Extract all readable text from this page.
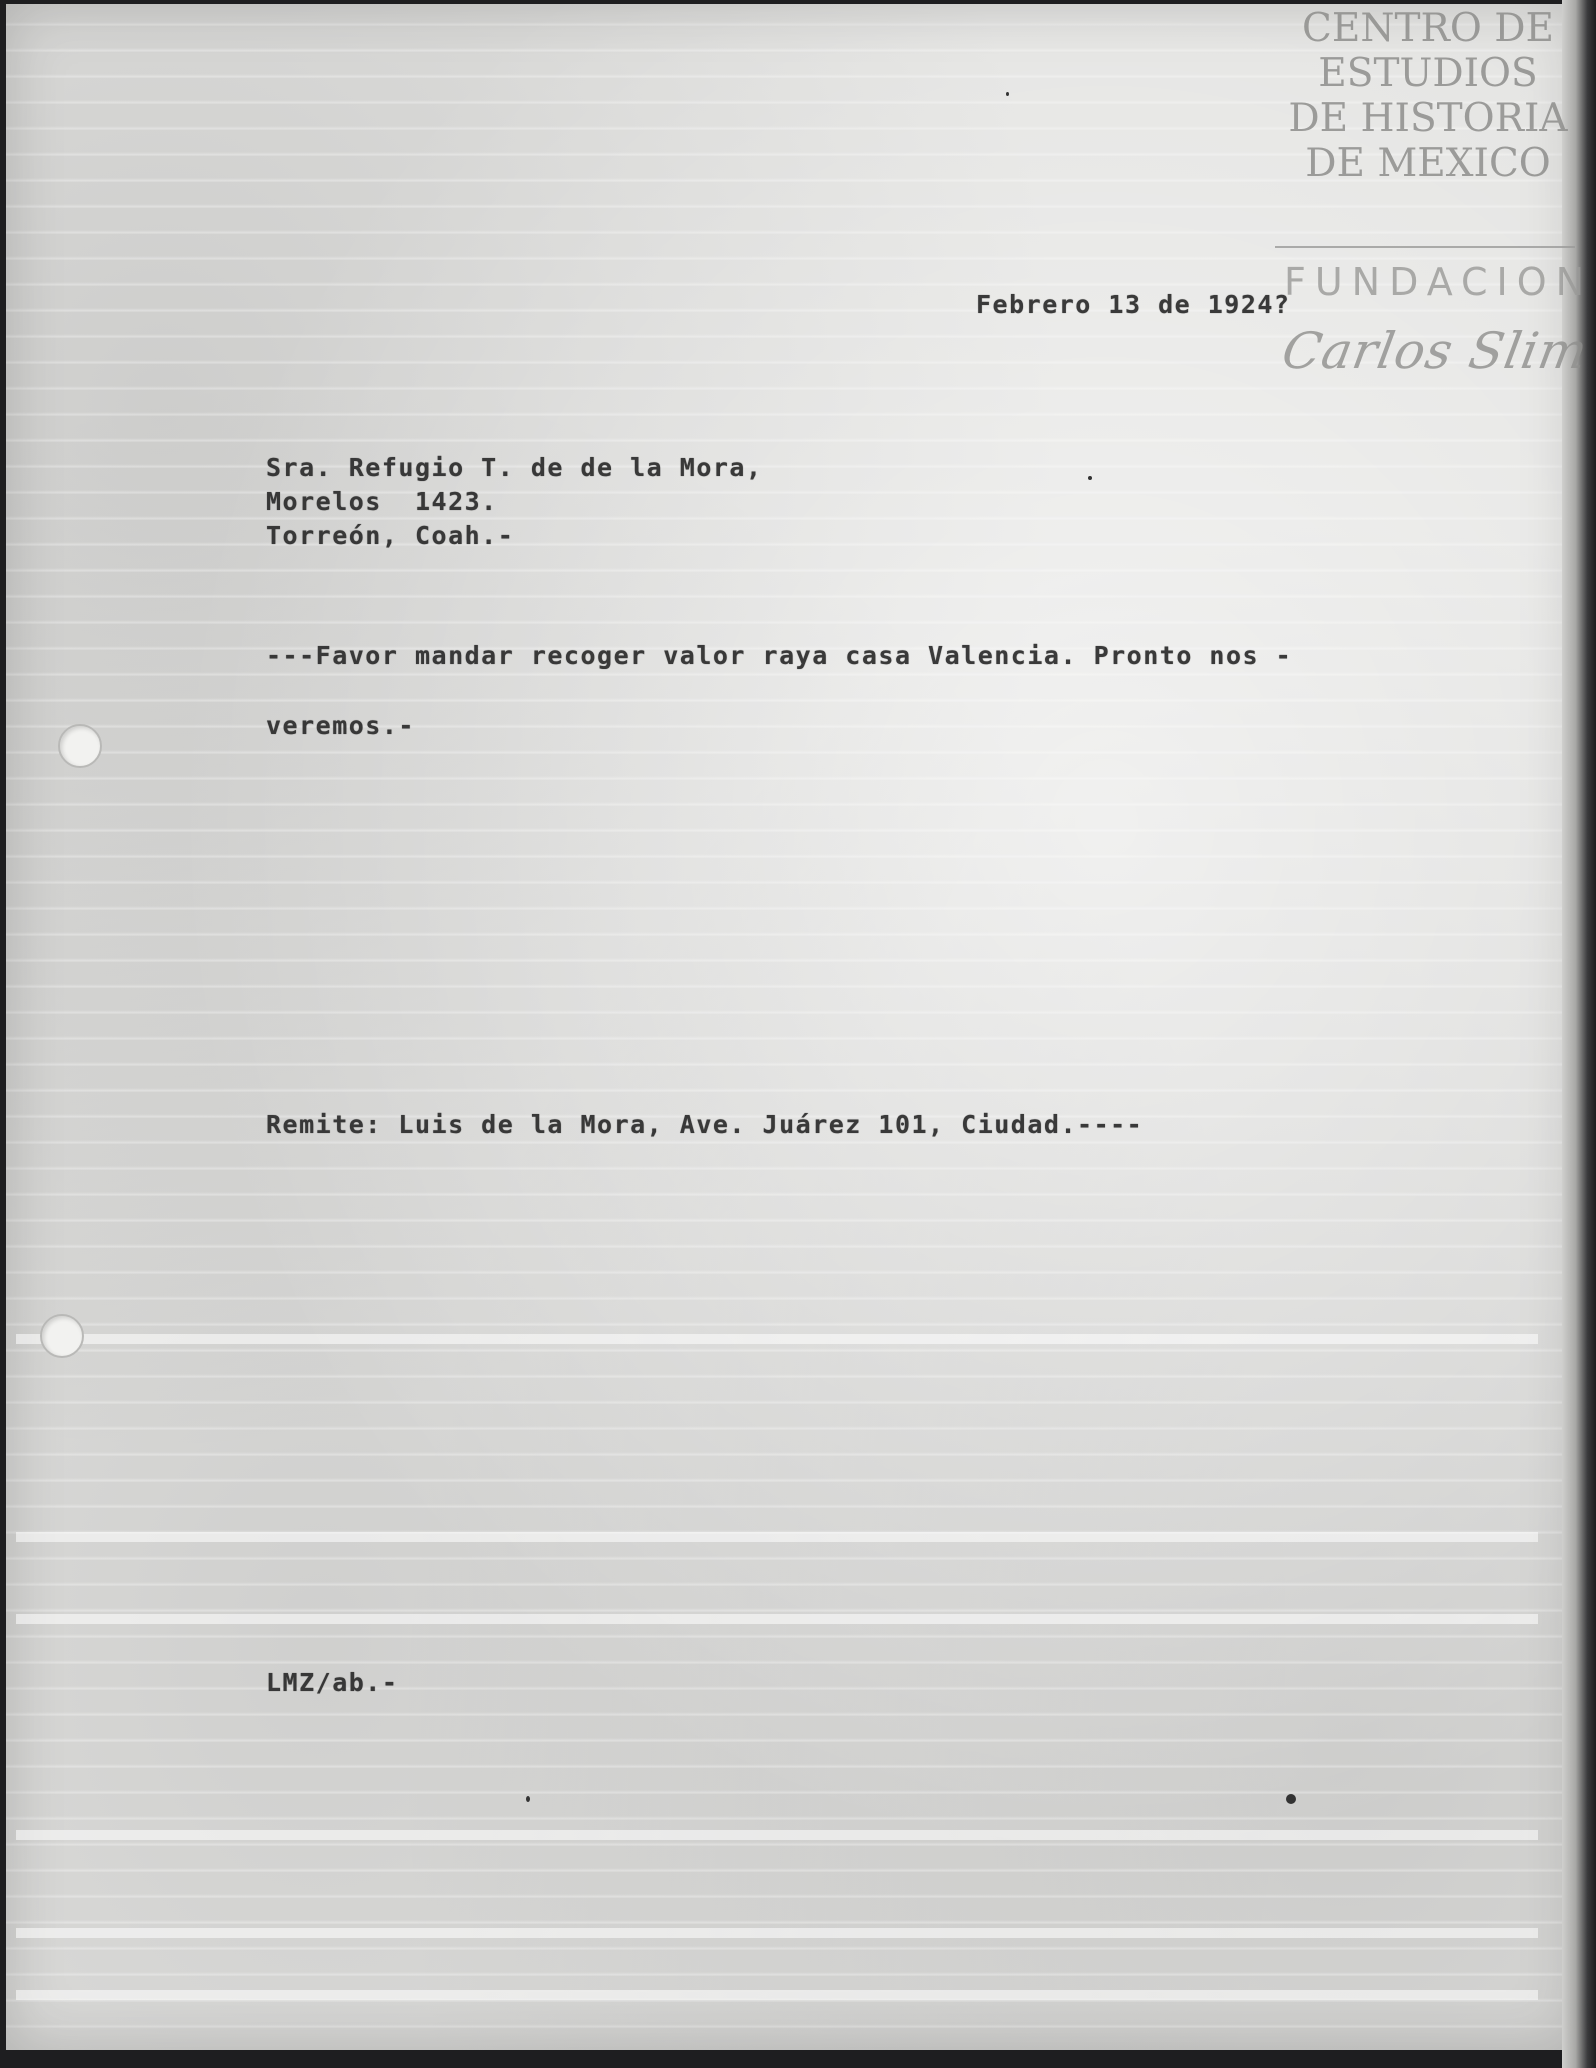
CENTRO DE
ESTUDIOS
DE HISTORIA
DE MEXICO
FUNDACION
Carlos Slim
Febrero 13 de 1924?
Sra. Refugio T. de de la Mora,
Morelos  1423.
Torreón, Coah.-
---Favor mandar recoger valor raya casa Valencia. Pronto nos -
veremos.-
Remite: Luis de la Mora, Ave. Juárez 101, Ciudad.----
LMZ/ab.-
